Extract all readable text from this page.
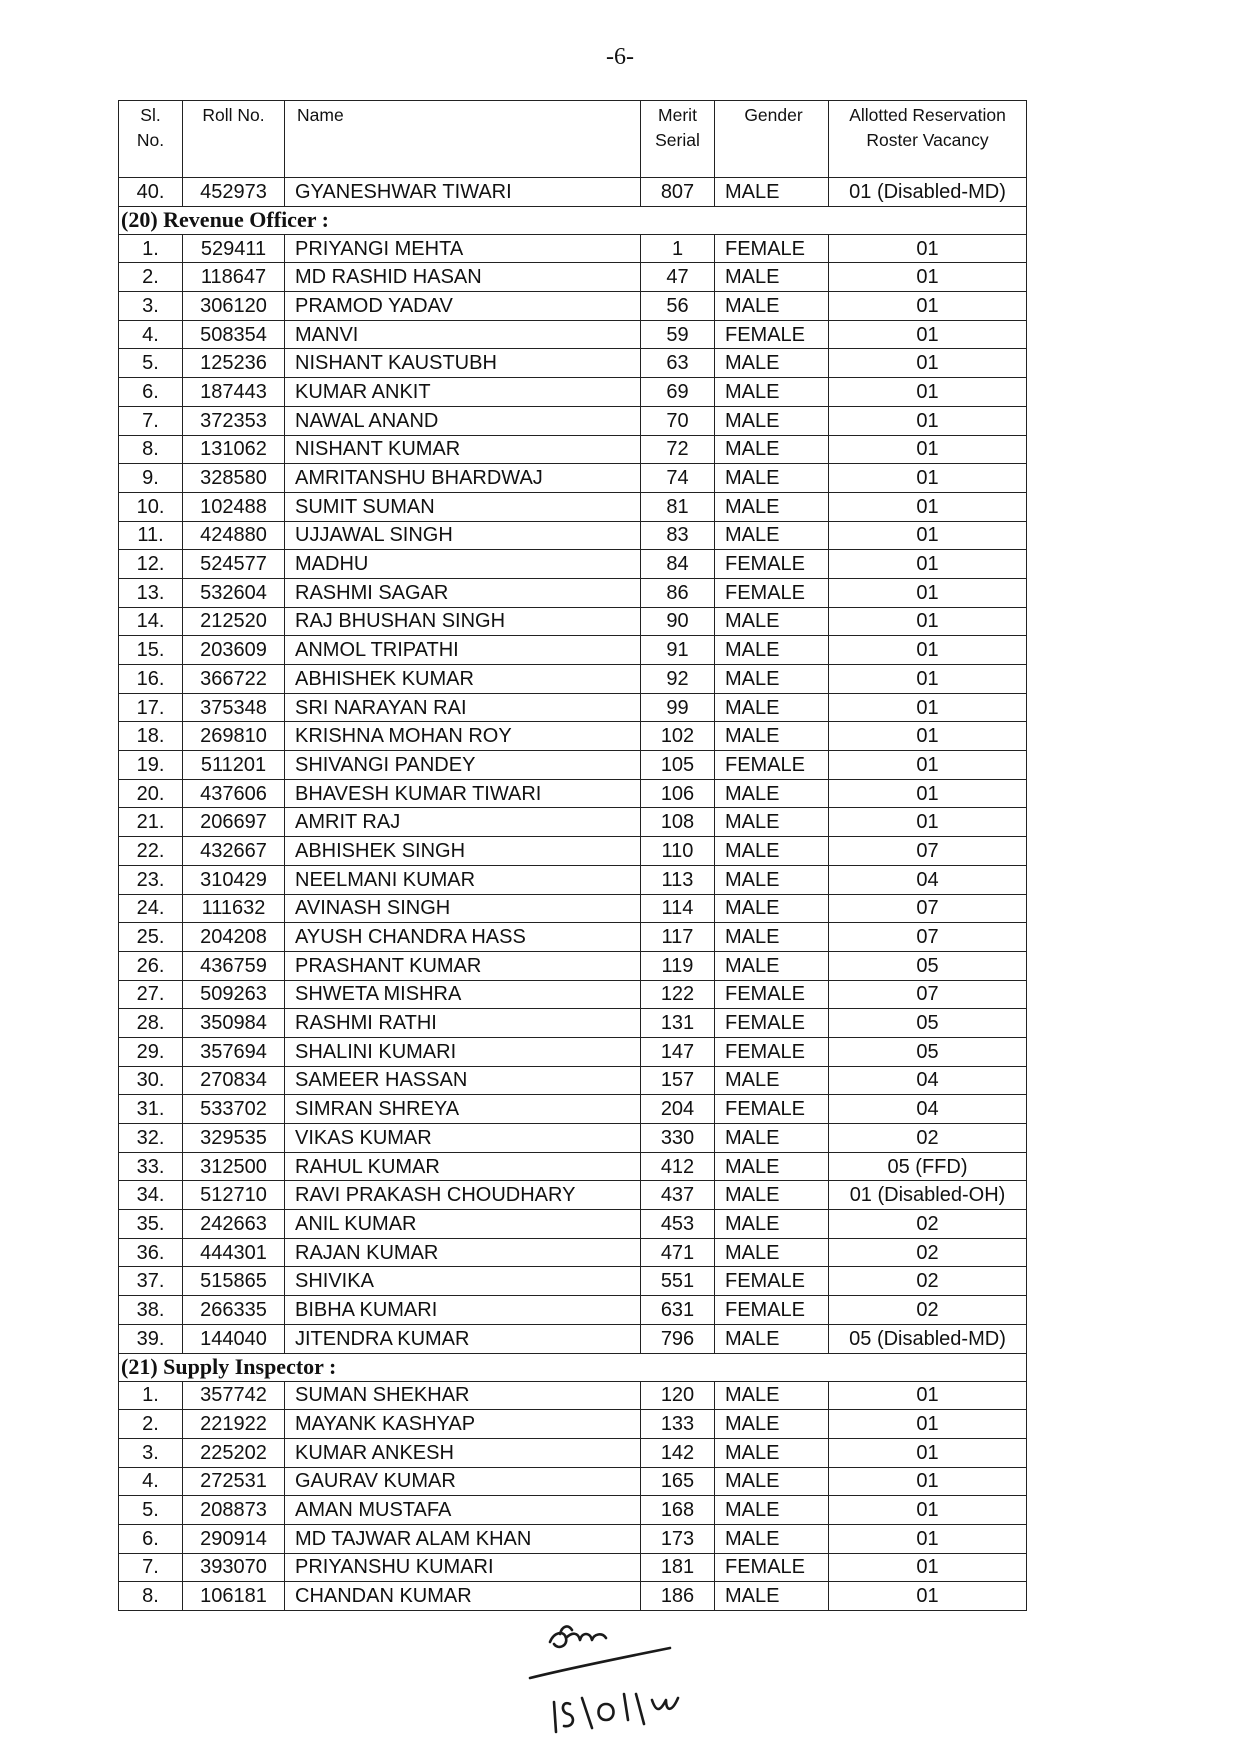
-6-
Sl. No.	Roll No.	Name	Merit Serial	Gender	Allotted Reservation Roster Vacancy
40.	452973	GYANESHWAR TIWARI	807	MALE	01 (Disabled-MD)
(20) Revenue Officer :					
1.	529411	PRIYANGI MEHTA	1	FEMALE	01
2.	118647	MD RASHID HASAN	47	MALE	01
3.	306120	PRAMOD YADAV	56	MALE	01
4.	508354	MANVI	59	FEMALE	01
5.	125236	NISHANT KAUSTUBH	63	MALE	01
6.	187443	KUMAR ANKIT	69	MALE	01
7.	372353	NAWAL ANAND	70	MALE	01
8.	131062	NISHANT KUMAR	72	MALE	01
9.	328580	AMRITANSHU BHARDWAJ	74	MALE	01
10.	102488	SUMIT SUMAN	81	MALE	01
11.	424880	UJJAWAL SINGH	83	MALE	01
12.	524577	MADHU	84	FEMALE	01
13.	532604	RASHMI SAGAR	86	FEMALE	01
14.	212520	RAJ BHUSHAN SINGH	90	MALE	01
15.	203609	ANMOL TRIPATHI	91	MALE	01
16.	366722	ABHISHEK KUMAR	92	MALE	01
17.	375348	SRI NARAYAN RAI	99	MALE	01
18.	269810	KRISHNA MOHAN ROY	102	MALE	01
19.	511201	SHIVANGI PANDEY	105	FEMALE	01
20.	437606	BHAVESH KUMAR TIWARI	106	MALE	01
21.	206697	AMRIT RAJ	108	MALE	01
22.	432667	ABHISHEK SINGH	110	MALE	07
23.	310429	NEELMANI KUMAR	113	MALE	04
24.	111632	AVINASH SINGH	114	MALE	07
25.	204208	AYUSH CHANDRA HASS	117	MALE	07
26.	436759	PRASHANT KUMAR	119	MALE	05
27.	509263	SHWETA MISHRA	122	FEMALE	07
28.	350984	RASHMI RATHI	131	FEMALE	05
29.	357694	SHALINI KUMARI	147	FEMALE	05
30.	270834	SAMEER HASSAN	157	MALE	04
31.	533702	SIMRAN SHREYA	204	FEMALE	04
32.	329535	VIKAS KUMAR	330	MALE	02
33.	312500	RAHUL KUMAR	412	MALE	05 (FFD)
34.	512710	RAVI PRAKASH CHOUDHARY	437	MALE	01 (Disabled-OH)
35.	242663	ANIL KUMAR	453	MALE	02
36.	444301	RAJAN KUMAR	471	MALE	02
37.	515865	SHIVIKA	551	FEMALE	02
38.	266335	BIBHA KUMARI	631	FEMALE	02
39.	144040	JITENDRA KUMAR	796	MALE	05 (Disabled-MD)
(21) Supply Inspector :					
1.	357742	SUMAN SHEKHAR	120	MALE	01
2.	221922	MAYANK KASHYAP	133	MALE	01
3.	225202	KUMAR ANKESH	142	MALE	01
4.	272531	GAURAV KUMAR	165	MALE	01
5.	208873	AMAN MUSTAFA	168	MALE	01
6.	290914	MD TAJWAR ALAM KHAN	173	MALE	01
7.	393070	PRIYANSHU KUMARI	181	FEMALE	01
8.	106181	CHANDAN KUMAR	186	MALE	01
